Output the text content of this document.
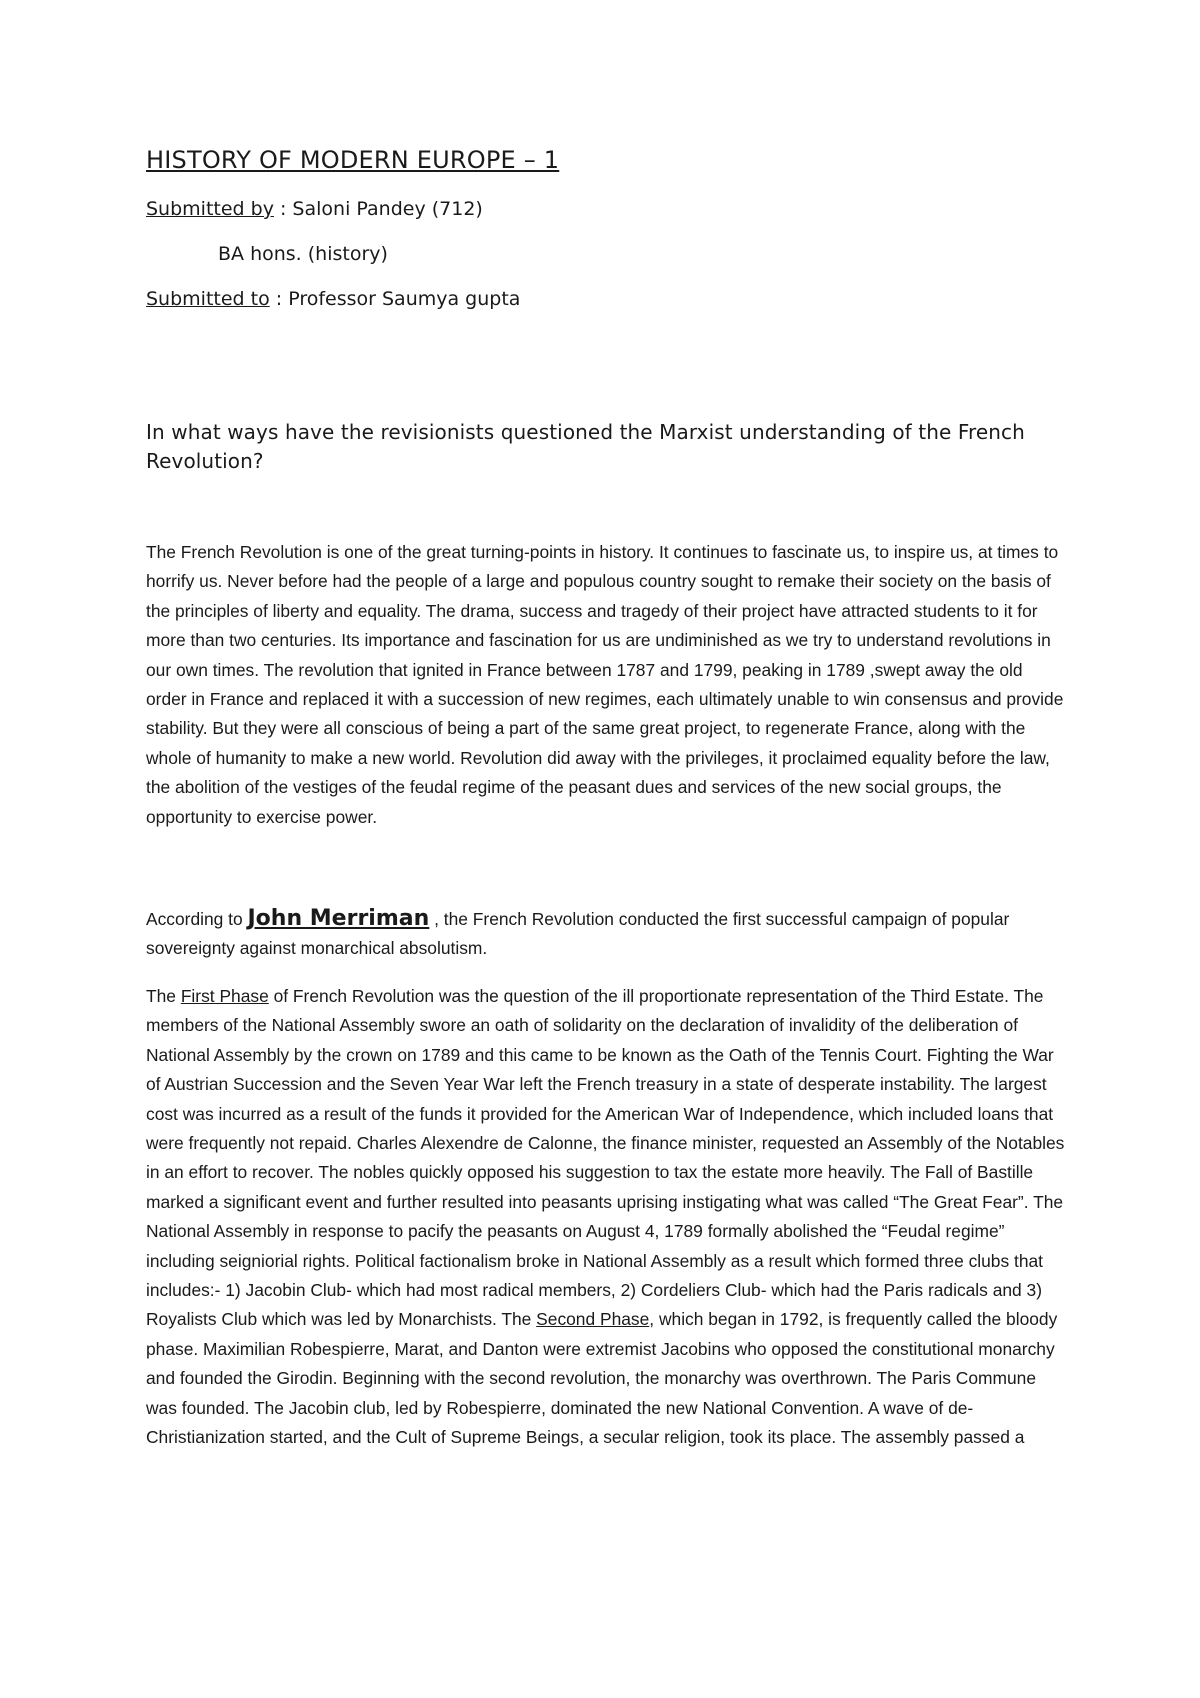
HISTORY OF MODERN EUROPE – 1
Submitted by : Saloni Pandey (712)
BA hons. (history)
Submitted to : Professor Saumya gupta
In what ways have the revisionists questioned the Marxist understanding of the French Revolution?

The French Revolution is one of the great turning-points in history. It continues to fascinate us, to inspire us, at times to horrify us. Never before had the people of a large and populous country sought to remake their society on the basis of the principles of liberty and equality. The drama, success and tragedy of their project have attracted students to it for more than two centuries. Its importance and fascination for us are undiminished as we try to understand revolutions in our own times. The revolution that ignited in France between 1787 and 1799, peaking in 1789 ,swept away the old order in France and replaced it with a succession of new regimes, each ultimately unable to win consensus and provide stability. But they were all conscious of being a part of the same great project, to regenerate France, along with the whole of humanity to make a new world. Revolution did away with the privileges, it proclaimed equality before the law, the abolition of the vestiges of the feudal regime of the peasant dues and services of the new social groups, the opportunity to exercise power.

According to John Merriman , the French Revolution conducted the first successful campaign of popular sovereignty against monarchical absolutism.

The First Phase of French Revolution was the question of the ill proportionate representation of the Third Estate. The members of the National Assembly swore an oath of solidarity on the declaration of invalidity of the deliberation of National Assembly by the crown on 1789 and this came to be known as the Oath of the Tennis Court. Fighting the War of Austrian Succession and the Seven Year War left the French treasury in a state of desperate instability. The largest cost was incurred as a result of the funds it provided for the American War of Independence, which included loans that were frequently not repaid. Charles Alexendre de Calonne, the finance minister, requested an Assembly of the Notables in an effort to recover. The nobles quickly opposed his suggestion to tax the estate more heavily. The Fall of Bastille marked a significant event and further resulted into peasants uprising instigating what was called “The Great Fear”. The National Assembly in response to pacify the peasants on August 4, 1789 formally abolished the “Feudal regime” including seigniorial rights. Political factionalism broke in National Assembly as a result which formed three clubs that includes:- 1) Jacobin Club- which had most radical members, 2) Cordeliers Club- which had the Paris radicals and 3) Royalists Club which was led by Monarchists. The Second Phase, which began in 1792, is frequently called the bloody phase. Maximilian Robespierre, Marat, and Danton were extremist Jacobins who opposed the constitutional monarchy and founded the Girodin. Beginning with the second revolution, the monarchy was overthrown. The Paris Commune was founded. The Jacobin club, led by Robespierre, dominated the new National Convention. A wave of de-Christianization started, and the Cult of Supreme Beings, a secular religion, took its place. The assembly passed a
